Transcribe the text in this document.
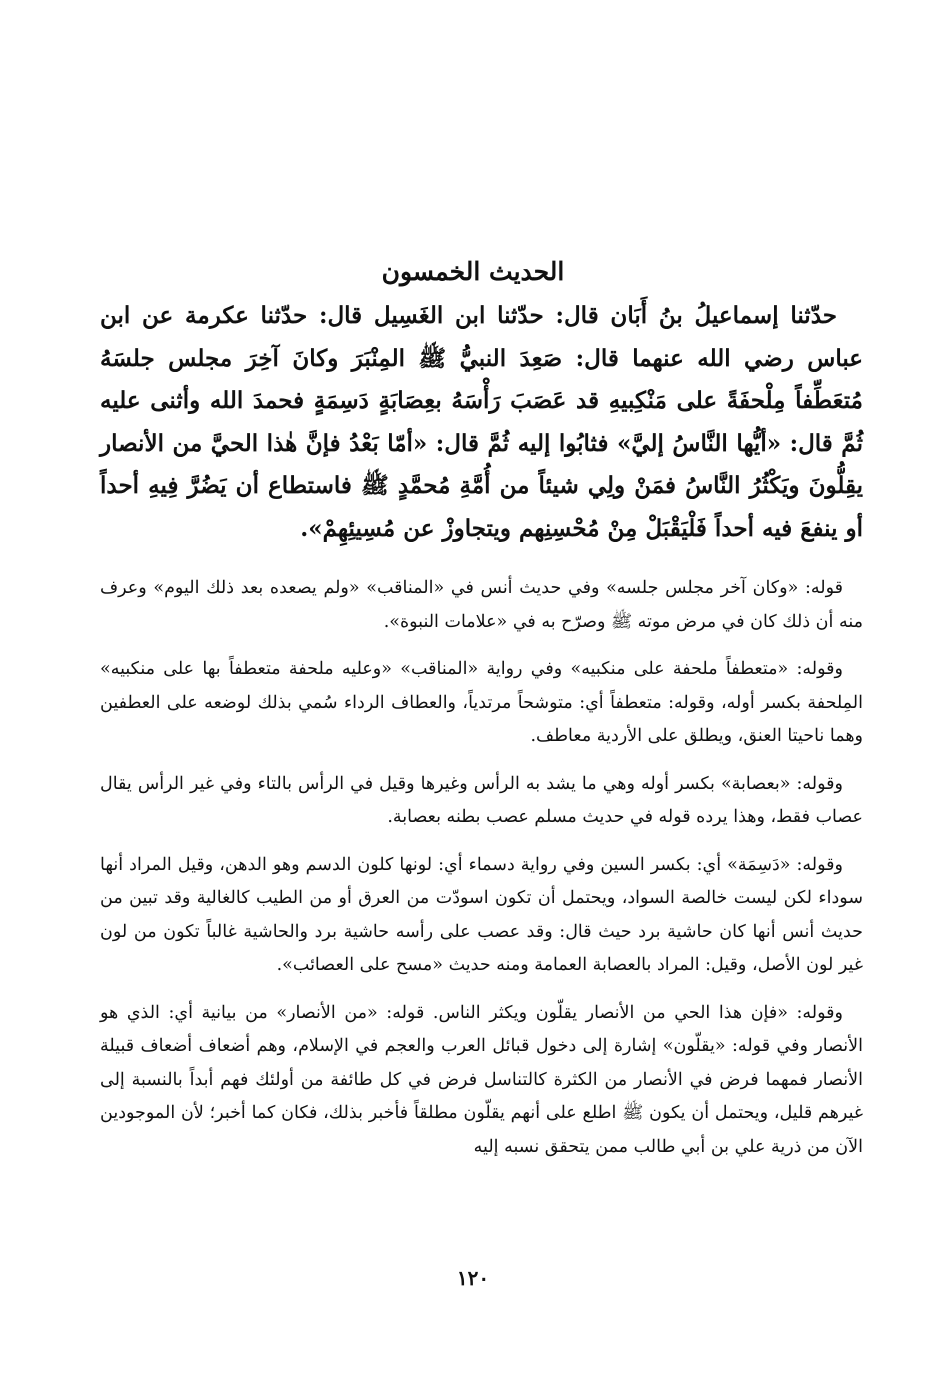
الحديث الخمسون

حدّثنا إسماعيلُ بنُ أَبَان قال: حدّثنا ابن الغَسِيل قال: حدّثنا عكرمة عن ابن عباس رضي الله عنهما قال: صَعِدَ النبيُّ ﷺ المِنْبَرَ وكانَ آخِرَ مجلس جلسَهُ مُتعَطِّفاً مِلْحفَةً على مَنْكِبيهِ قد عَصَبَ رَأْسَهُ بعِصَابَةٍ دَسِمَةٍ فحمدَ الله وأثنى عليه ثُمَّ قال: «أيُّها النَّاسُ إليَّ» فثابُوا إليه ثُمَّ قال: «أمّا بَعْدُ فإنَّ هٰذا الحيَّ من الأنصار يقِلُّونَ ويَكْثُرُ النَّاسُ فمَنْ ولِي شيئاً من أُمَّةِ مُحمَّدٍ ﷺ فاستطاع أن يَضُرَّ فِيهِ أحداً أو ينفعَ فيه أحداً فَلْيَقْبَلْ مِنْ مُحْسِنِهم ويتجاوزْ عن مُسِيئِهِمْ».

قوله: «وكان آخر مجلس جلسه» وفي حديث أنس في «المناقب» «ولم يصعده بعد ذلك اليوم» وعرف منه أن ذلك كان في مرض موته ﷺ وصرّح به في «علامات النبوة».

وقوله: «متعطفاً ملحفة على منكبيه» وفي رواية «المناقب» «وعليه ملحفة متعطفاً بها على منكبيه» المِلحفة بكسر أوله، وقوله: متعطفاً أي: متوشحاً مرتدياً، والعطاف الرداء سُمي بذلك لوضعه على العطفين وهما ناحيتا العنق، ويطلق على الأردية معاطف.

وقوله: «بعصابة» بكسر أوله وهي ما يشد به الرأس وغيرها وقيل في الرأس بالتاء وفي غير الرأس يقال عصاب فقط، وهذا يرده قوله في حديث مسلم عصب بطنه بعصابة.

وقوله: «دَسِمَة» أي: بكسر السين وفي رواية دسماء أي: لونها كلون الدسم وهو الدهن، وقيل المراد أنها سوداء لكن ليست خالصة السواد، ويحتمل أن تكون اسودّت من العرق أو من الطيب كالغالية وقد تبين من حديث أنس أنها كان حاشية برد حيث قال: وقد عصب على رأسه حاشية برد والحاشية غالباً تكون من لون غير لون الأصل، وقيل: المراد بالعصابة العمامة ومنه حديث «مسح على العصائب».

وقوله: «فإن هذا الحي من الأنصار يقلّون ويكثر الناس. قوله: «من الأنصار» من بيانية أي: الذي هو الأنصار وفي قوله: «يقلّون» إشارة إلى دخول قبائل العرب والعجم في الإسلام، وهم أضعاف أضعاف قبيلة الأنصار فمهما فرض في الأنصار من الكثرة كالتناسل فرض في كل طائفة من أولئك فهم أبداً بالنسبة إلى غيرهم قليل، ويحتمل أن يكون ﷺ اطلع على أنهم يقلّون مطلقاً فأخبر بذلك، فكان كما أخبر؛ لأن الموجودين الآن من ذرية علي بن أبي طالب ممن يتحقق نسبه إليه

١٢٠
